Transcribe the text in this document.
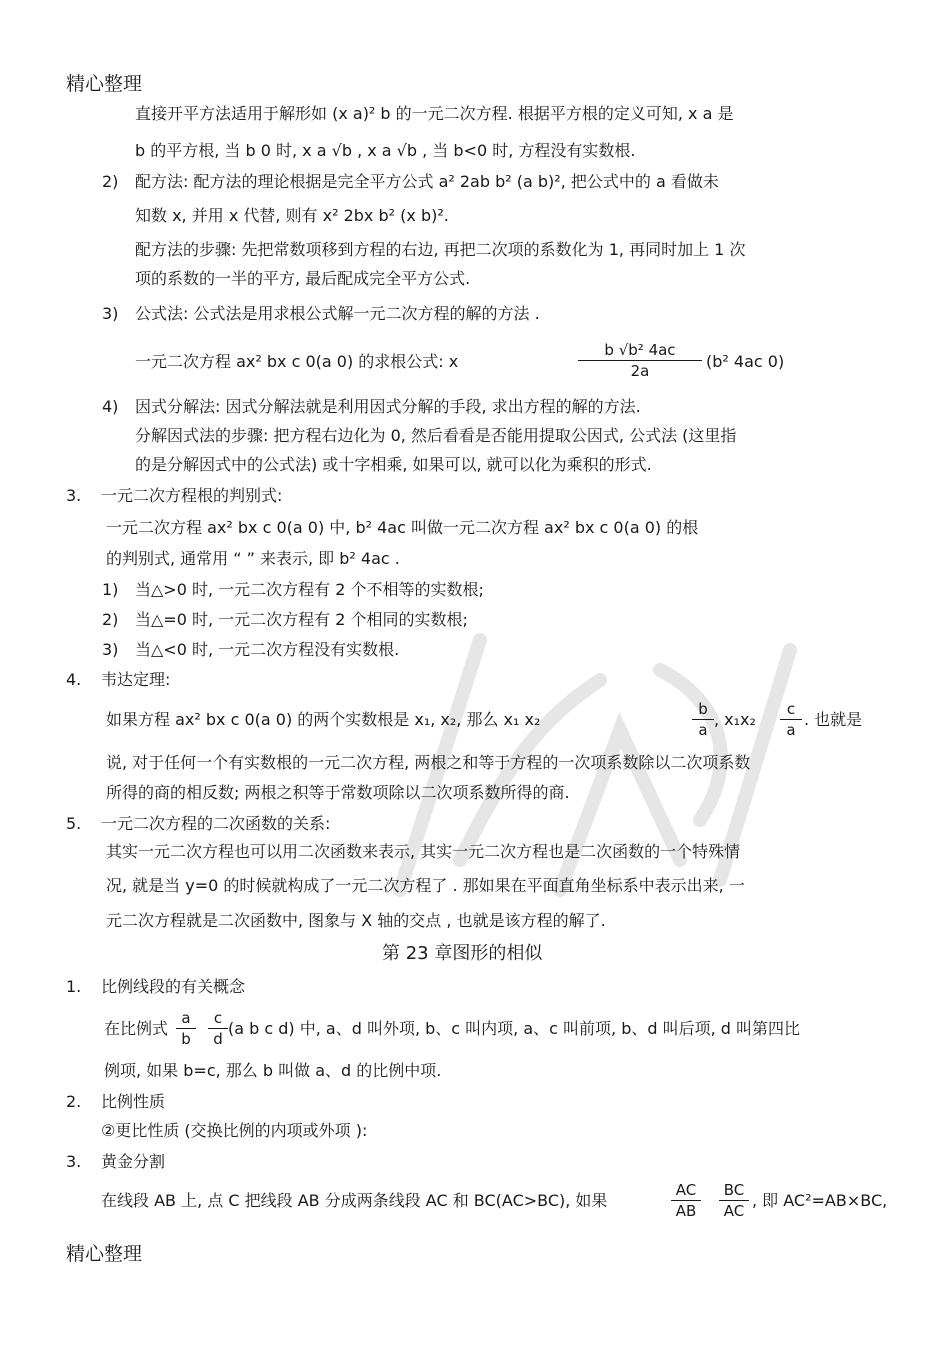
精心整理
直接开平方法适用于解形如 (x a)² b 的一元二次方程. 根据平方根的定义可知, x a 是
b 的平方根, 当 b 0 时, x a √b , x a √b , 当 b<0 时, 方程没有实数根.
2) 配方法: 配方法的理论根据是完全平方公式 a² 2ab b² (a b)², 把公式中的 a 看做未
知数 x, 并用 x 代替, 则有 x² 2bx b² (x b)².
配方法的步骤: 先把常数项移到方程的右边, 再把二次项的系数化为 1, 再同时加上 1 次
项的系数的一半的平方, 最后配成完全平方公式.
3) 公式法: 公式法是用求根公式解一元二次方程的解的方法 .
一元二次方程 ax² bx c 0(a 0) 的求根公式: x
b √b² 4ac
2a	(b² 4ac 0)
4) 因式分解法: 因式分解法就是利用因式分解的手段, 求出方程的解的方法.
分解因式法的步骤: 把方程右边化为 0, 然后看看是否能用提取公因式, 公式法 (这里指
的是分解因式中的公式法) 或十字相乘, 如果可以, 就可以化为乘积的形式.
3. 一元二次方程根的判别式:
一元二次方程 ax² bx c 0(a 0) 中, b² 4ac 叫做一元二次方程 ax² bx c 0(a 0) 的根
的判别式, 通常用 “ ” 来表示, 即 b² 4ac .
1) 当△>0 时, 一元二次方程有 2 个不相等的实数根;
2) 当△=0 时, 一元二次方程有 2 个相同的实数根;
3) 当△<0 时, 一元二次方程没有实数根.
4. 韦达定理:
如果方程 ax² bx c 0(a 0) 的两个实数根是 x₁, x₂, 那么 x₁ x₂
b
a
, x₁x₂
c
a
. 也就是
说, 对于任何一个有实数根的一元二次方程, 两根之和等于方程的一次项系数除以二次项系数
所得的商的相反数; 两根之积等于常数项除以二次项系数所得的商.
5. 一元二次方程的二次函数的关系:
其实一元二次方程也可以用二次函数来表示, 其实一元二次方程也是二次函数的一个特殊情
况, 就是当 y=0 的时候就构成了一元二次方程了 . 那如果在平面直角坐标系中表示出来, 一
元二次方程就是二次函数中, 图象与 X 轴的交点 , 也就是该方程的解了.
第 23 章图形的相似
1. 比例线段的有关概念
在比例式
a
b
c
d
(a b c d) 中, a、d 叫外项, b、c 叫内项, a、c 叫前项, b、d 叫后项, d 叫第四比
例项, 如果 b=c, 那么 b 叫做 a、d 的比例中项.
2. 比例性质
②更比性质 (交换比例的内项或外项 ):
3. 黄金分割
在线段 AB 上, 点 C 把线段 AB 分成两条线段 AC 和 BC(AC>BC), 如果
AC
AB
BC
AC
, 即 AC²=AB×BC,
精心整理
